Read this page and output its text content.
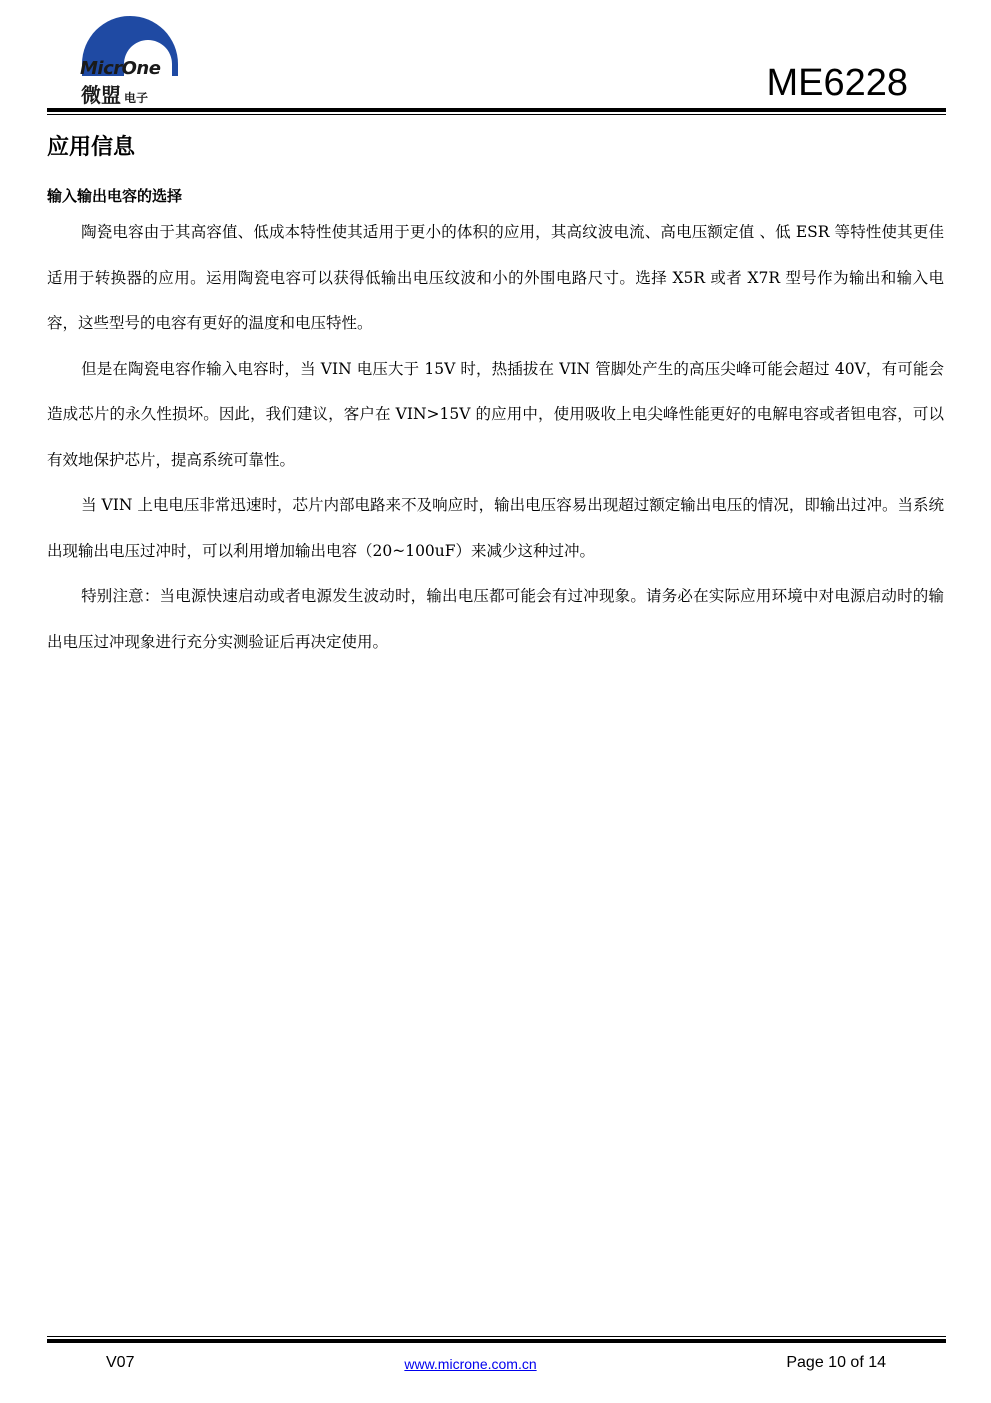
MicrOne

微盟 电子	ME6228
应用信息
输入输出电容的选择

陶瓷电容由于其高容值、低成本特性使其适用于更小的体积的应用，其高纹波电流、高电压额定值 、低 ESR 等特性使其更佳适用于转换器的应用。运用陶瓷电容可以获得低输出电压纹波和小的外围电路尺寸。选择 X5R 或者 X7R 型号作为输出和输入电容，这些型号的电容有更好的温度和电压特性。

但是在陶瓷电容作输入电容时，当 VIN 电压大于 15V 时，热插拔在 VIN 管脚处产生的高压尖峰可能会超过 40V，有可能会造成芯片的永久性损坏。因此，我们建议，客户在 VIN>15V 的应用中，使用吸收上电尖峰性能更好的电解电容或者钽电容，可以有效地保护芯片，提高系统可靠性。

当 VIN 上电电压非常迅速时，芯片内部电路来不及响应时，输出电压容易出现超过额定输出电压的情况，即输出过冲。当系统出现输出电压过冲时，可以利用增加输出电容（20~100uF）来减少这种过冲。

特别注意：当电源快速启动或者电源发生波动时，输出电压都可能会有过冲现象。请务必在实际应用环境中对电源启动时的输出电压过冲现象进行充分实测验证后再决定使用。

V07	www.microne.com.cn	Page 10 of 14
